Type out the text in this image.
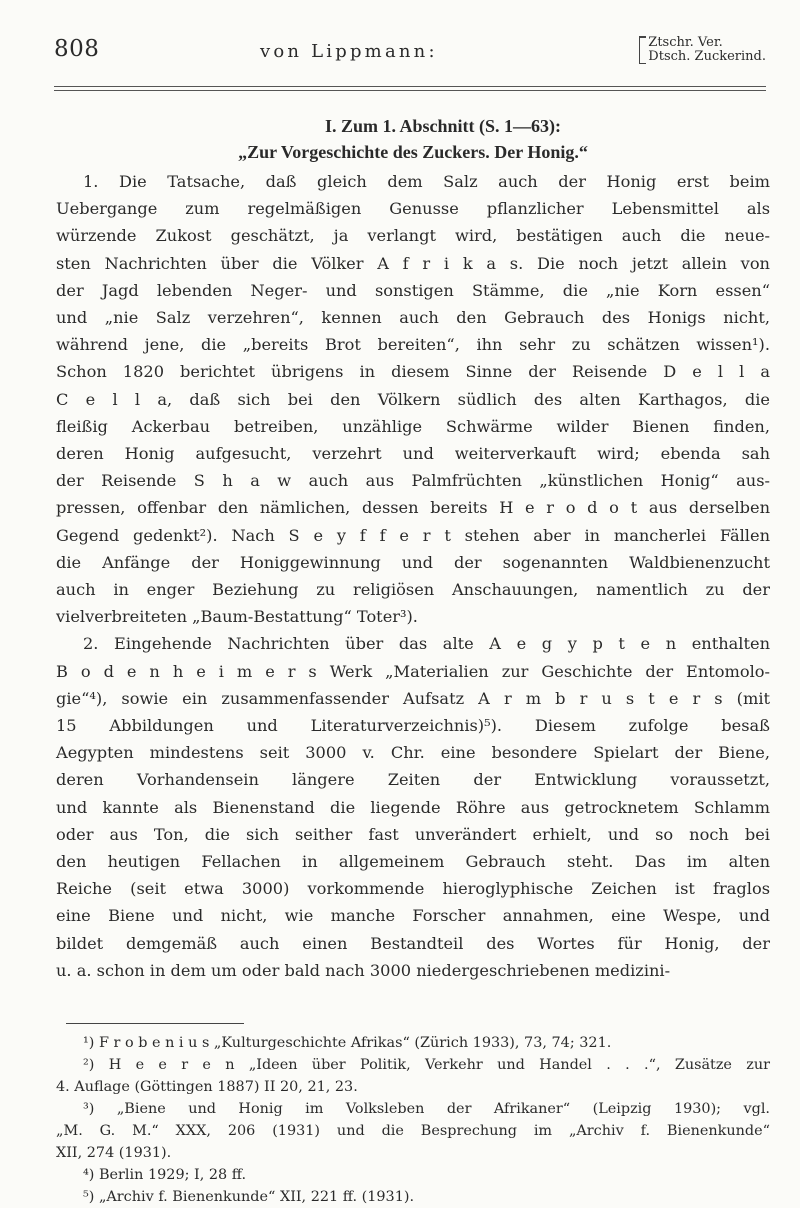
808	von Lippmann:	Ztschr. Ver.
Dtsch. Zuckerind.
I. Zum 1. Abschnitt (S. 1—63):
„Zur Vorgeschichte des Zuckers. Der Honig.“

1. Die Tatsache, daß gleich dem Salz auch der Honig erst beim
Uebergange zum regelmäßigen Genusse pflanzlicher Lebensmittel als
würzende Zukost geschätzt, ja verlangt wird, bestätigen auch die neue-
sten Nachrichten über die Völker A f r i k a s. Die noch jetzt allein von
der Jagd lebenden Neger- und sonstigen Stämme, die „nie Korn essen“
und „nie Salz verzehren“, kennen auch den Gebrauch des Honigs nicht,
während jene, die „bereits Brot bereiten“, ihn sehr zu schätzen wissen¹).
Schon 1820 berichtet übrigens in diesem Sinne der Reisende D e l l a
C e l l a, daß sich bei den Völkern südlich des alten Karthagos, die
fleißig Ackerbau betreiben, unzählige Schwärme wilder Bienen finden,
deren Honig aufgesucht, verzehrt und weiterverkauft wird; ebenda sah
der Reisende S h a w auch aus Palmfrüchten „künstlichen Honig“ aus-
pressen, offenbar den nämlichen, dessen bereits H e r o d o t aus derselben
Gegend gedenkt²). Nach S e y f f e r t stehen aber in mancherlei Fällen
die Anfänge der Honiggewinnung und der sogenannten Waldbienenzucht
auch in enger Beziehung zu religiösen Anschauungen, namentlich zu der
vielverbreiteten „Baum-Bestattung“ Toter³).

2. Eingehende Nachrichten über das alte A e g y p t e n enthalten
B o d e n h e i m e r s Werk „Materialien zur Geschichte der Entomolo-
gie“⁴), sowie ein zusammenfassender Aufsatz A r m b r u s t e r s (mit
15 Abbildungen und Literaturverzeichnis)⁵). Diesem zufolge besaß
Aegypten mindestens seit 3000 v. Chr. eine besondere Spielart der Biene,
deren Vorhandensein längere Zeiten der Entwicklung voraussetzt,
und kannte als Bienenstand die liegende Röhre aus getrocknetem Schlamm
oder aus Ton, die sich seither fast unverändert erhielt, und so noch bei
den heutigen Fellachen in allgemeinem Gebrauch steht. Das im alten
Reiche (seit etwa 3000) vorkommende hieroglyphische Zeichen ist fraglos
eine Biene und nicht, wie manche Forscher annahmen, eine Wespe, und
bildet demgemäß auch einen Bestandteil des Wortes für Honig, der
u. a. schon in dem um oder bald nach 3000 niedergeschriebenen medizini-

¹) F r o b e n i u s „Kulturgeschichte Afrikas“ (Zürich 1933), 73, 74; 321.
²) H e e r e n „Ideen über Politik, Verkehr und Handel . . .“, Zusätze zur
4. Auflage (Göttingen 1887) II 20, 21, 23.
³) „Biene und Honig im Volksleben der Afrikaner“ (Leipzig 1930); vgl.
„M. G. M.“ XXX, 206 (1931) und die Besprechung im „Archiv f. Bienenkunde“
XII, 274 (1931).
⁴) Berlin 1929; I, 28 ff.
⁵) „Archiv f. Bienenkunde“ XII, 221 ff. (1931).
